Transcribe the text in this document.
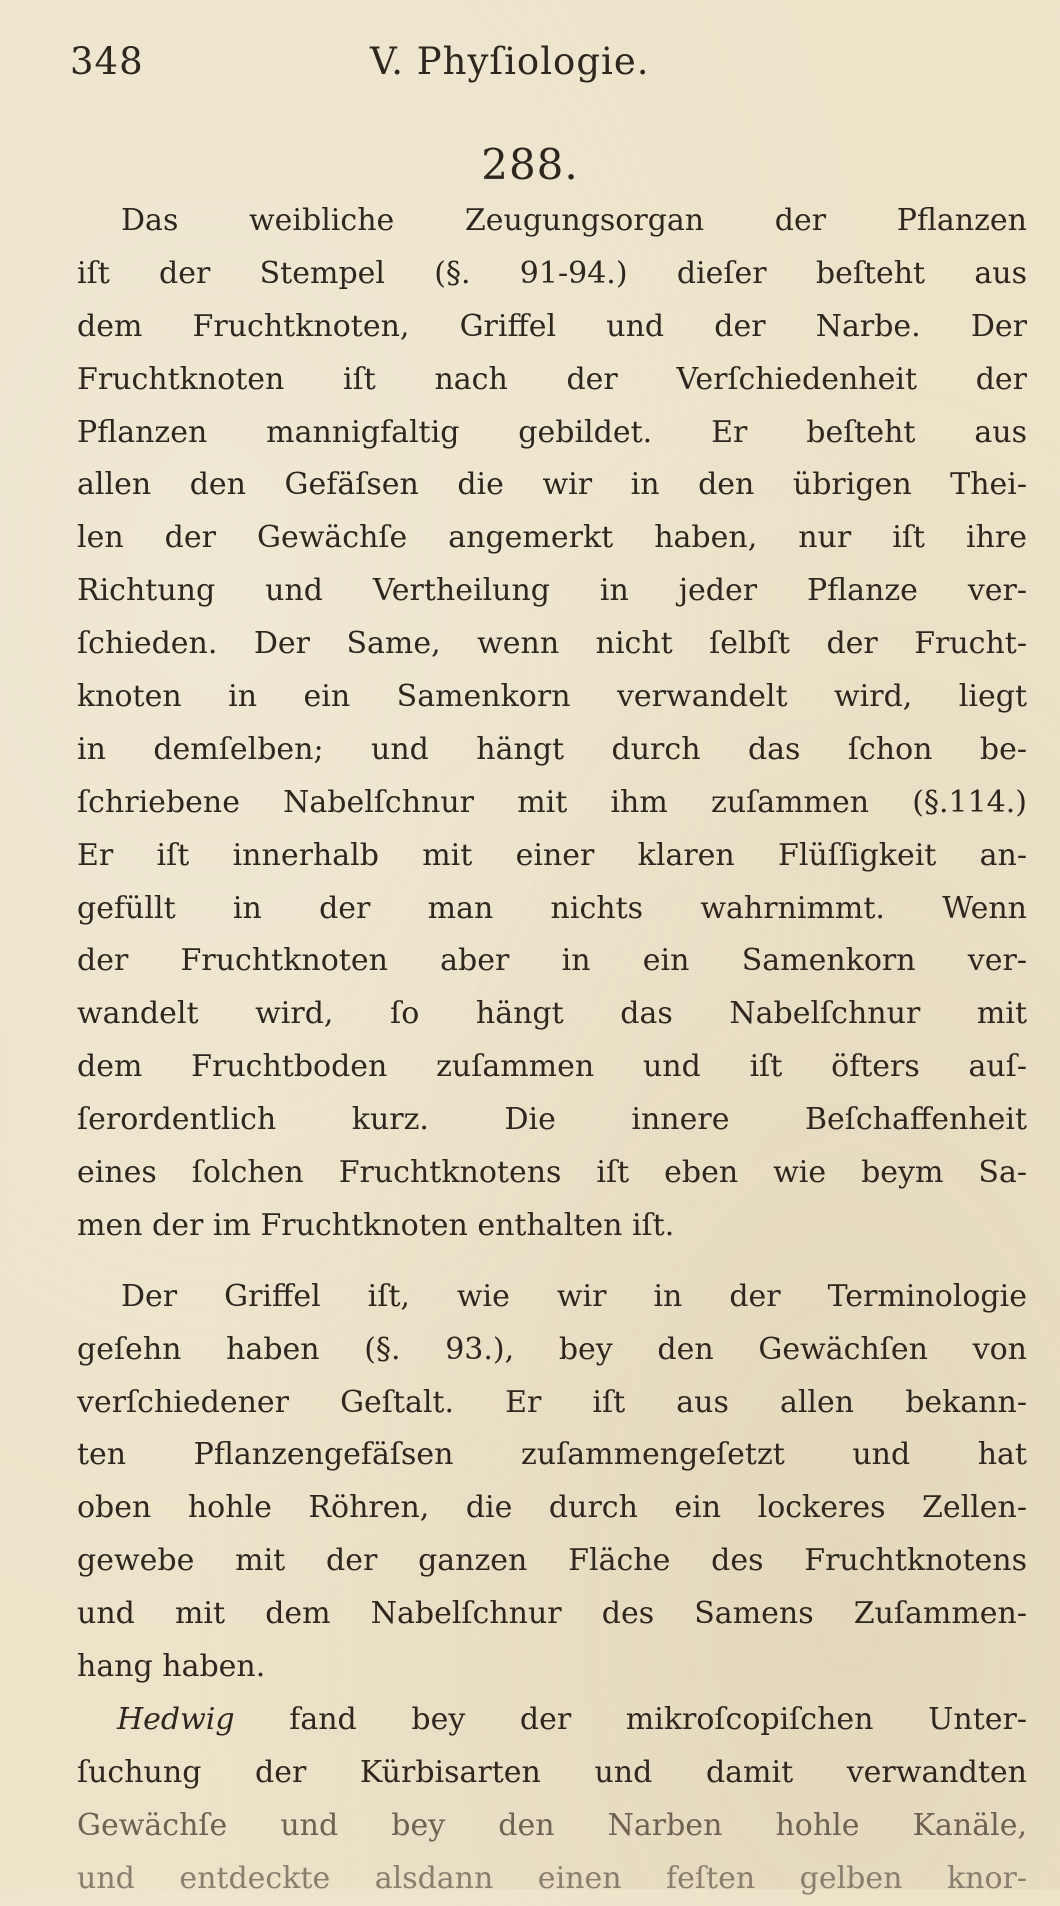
348	V. Phyſiologie.
288.
Das weibliche Zeugungsorgan der Pflanzen
iſt der Stempel (§. 91-94.) dieſer beſteht aus
dem Fruchtknoten, Griffel und der Narbe. Der
Fruchtknoten iſt nach der Verſchiedenheit der
Pflanzen mannigfaltig gebildet. Er beſteht aus
allen den Gefäſsen die wir in den übrigen Thei-
len der Gewächſe angemerkt haben, nur iſt ihre
Richtung und Vertheilung in jeder Pflanze ver-
ſchieden. Der Same, wenn nicht ſelbſt der Frucht-
knoten in ein Samenkorn verwandelt wird, liegt
in demſelben; und hängt durch das ſchon be-
ſchriebene Nabelſchnur mit ihm zuſammen (§.114.)
Er iſt innerhalb mit einer klaren Flüſſigkeit an-
gefüllt in der man nichts wahrnimmt. Wenn
der Fruchtknoten aber in ein Samenkorn ver-
wandelt wird, ſo hängt das Nabelſchnur mit
dem Fruchtboden zuſammen und iſt öfters auſ-
ſerordentlich kurz. Die innere Beſchaffenheit
eines ſolchen Fruchtknotens iſt eben wie beym Sa-
men der im Fruchtknoten enthalten iſt.
Der Griffel iſt, wie wir in der Terminologie
geſehn haben (§. 93.), bey den Gewächſen von
verſchiedener Geſtalt. Er iſt aus allen bekann-
ten Pflanzengefäſsen zuſammengeſetzt und hat
oben hohle Röhren, die durch ein lockeres Zellen-
gewebe mit der ganzen Fläche des Fruchtknotens
und mit dem Nabelſchnur des Samens Zuſammen-
hang haben.
Hedwig fand bey der mikroſcopiſchen Unter-
ſuchung der Kürbisarten und damit verwandten
Gewächſe und bey den Narben hohle Kanäle,
und entdeckte alsdann einen feſten gelben knor-
